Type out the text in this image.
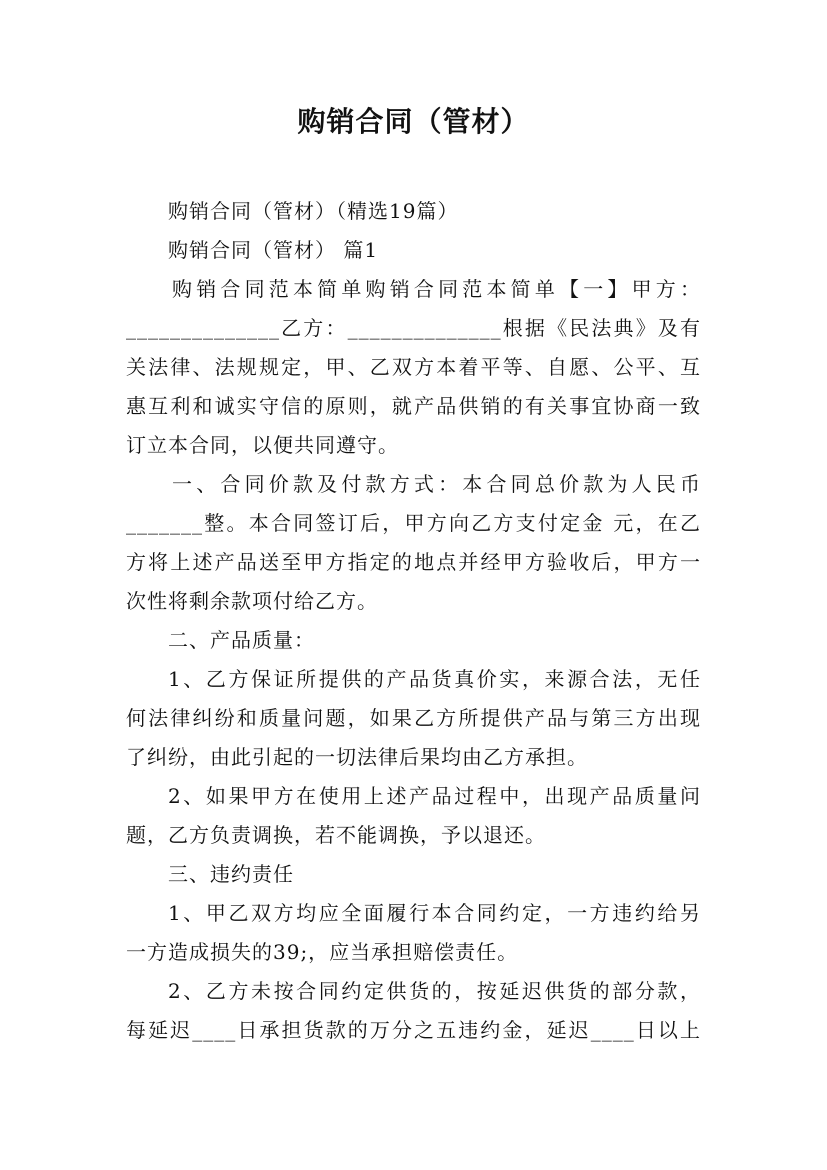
购销合同（管材）
购销合同（管材）（精选19篇）
购销合同（管材） 篇1
购销合同范本简单购销合同范本简单【一】甲方：
______________乙方：______________根据《民法典》及有
关法律、法规规定，甲、乙双方本着平等、自愿、公平、互
惠互利和诚实守信的原则，就产品供销的有关事宜协商一致
订立本合同，以便共同遵守。
一、合同价款及付款方式：本合同总价款为人民币
_______整。本合同签订后，甲方向乙方支付定金 元，在乙
方将上述产品送至甲方指定的地点并经甲方验收后，甲方一
次性将剩余款项付给乙方。
二、产品质量：
1、乙方保证所提供的产品货真价实，来源合法，无任
何法律纠纷和质量问题，如果乙方所提供产品与第三方出现
了纠纷，由此引起的一切法律后果均由乙方承担。
2、如果甲方在使用上述产品过程中，出现产品质量问
题，乙方负责调换，若不能调换，予以退还。
三、违约责任
1、甲乙双方均应全面履行本合同约定，一方违约给另
一方造成损失的39;，应当承担赔偿责任。
2、乙方未按合同约定供货的，按延迟供货的部分款，
每延迟____日承担货款的万分之五违约金，延迟____日以上
